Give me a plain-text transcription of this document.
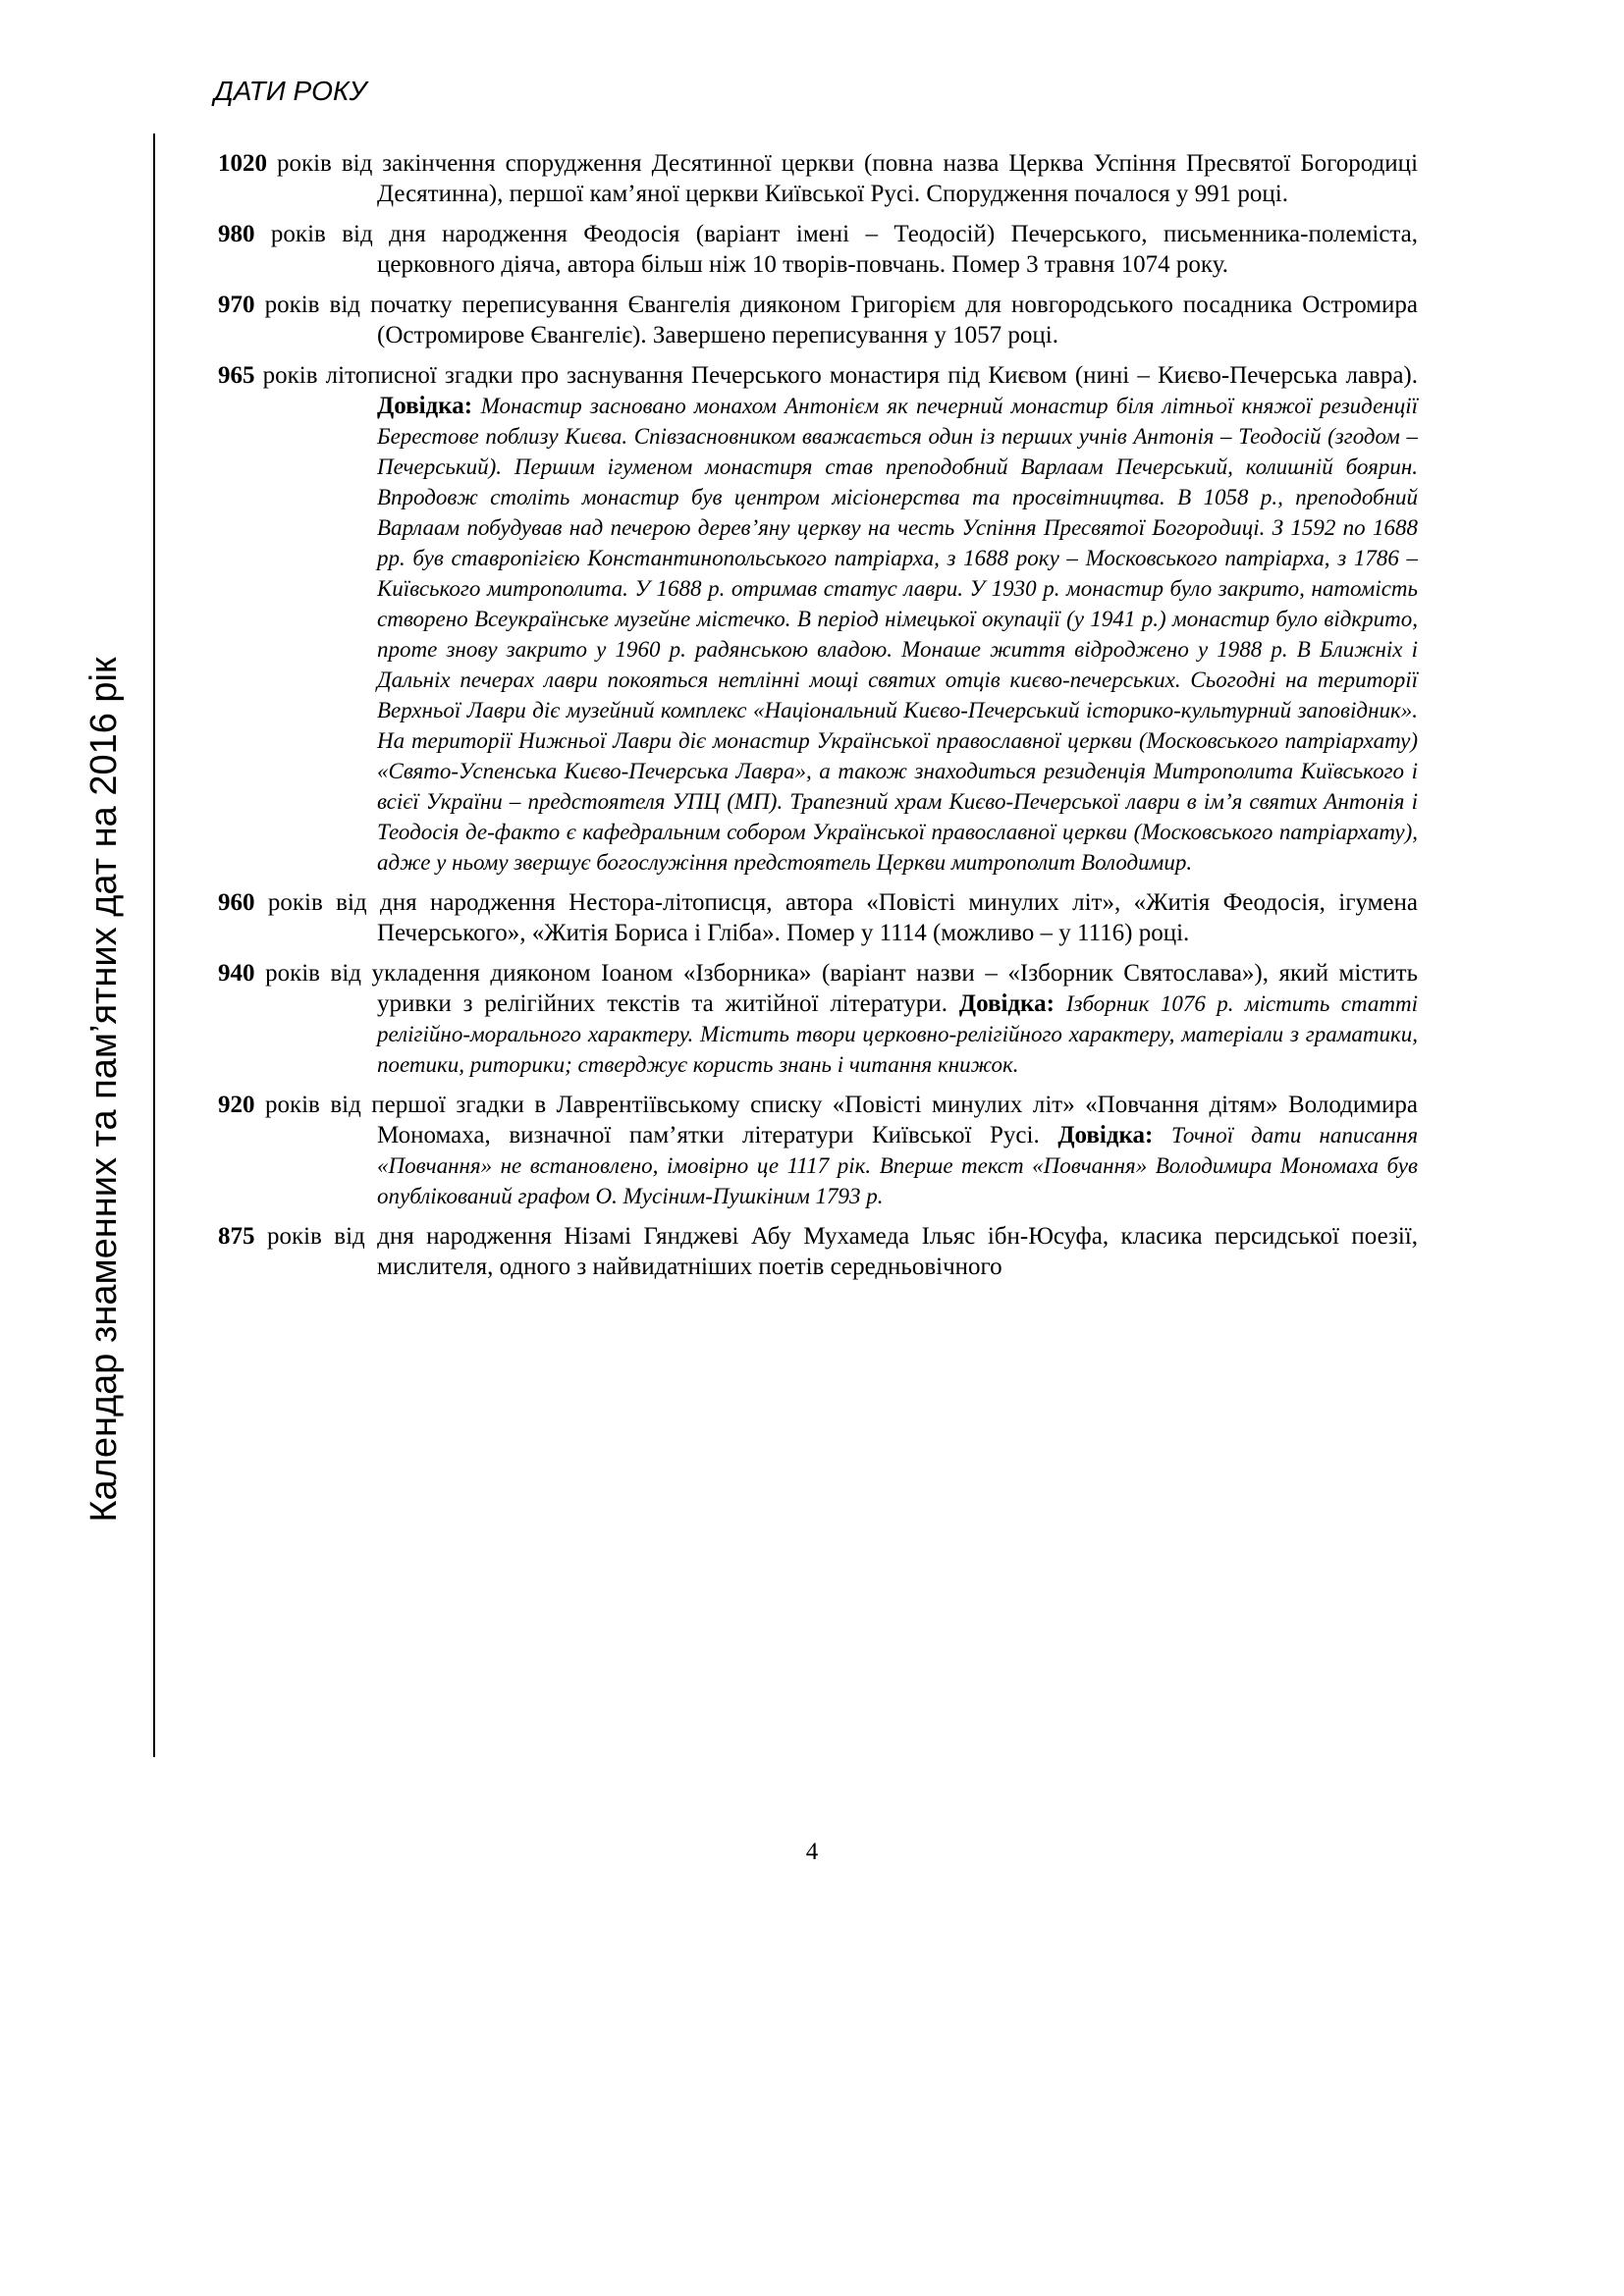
ДАТИ РОКУ
Календар знаменних та пам’ятних дат на 2016 рік

1020 років від закінчення спорудження Десятинної церкви (повна назва Церква Успіння Пресвятої Богородиці Десятинна), першої кам’яної церкви Київської Русі. Спорудження почалося у 991 році.

980 років від дня народження Феодосія (варіант імені – Теодосій) Печерського, письменника-полеміста, церковного діяча, автора більш ніж 10 творів-повчань. Помер 3 травня 1074 року.

970 років від початку переписування Євангелія дияконом Григорієм для новгородського посадника Остромира (Остромирове Євангеліє). Завершено переписування у 1057 році.

965 років літописної згадки про заснування Печерського монастиря під Києвом (нині – Києво-Печерська лавра). Довідка: Монастир засновано монахом Антонієм як печерний монастир біля літньої княжої резиденції Берестове поблизу Києва. Співзасновником вважається один із перших учнів Антонія – Теодосій (згодом – Печерський). Першим ігуменом монастиря став преподобний Варлаам Печерський, колишній боярин. Впродовж століть монастир був центром місіонерства та просвітництва. В 1058 р., преподобний Варлаам побудував над печерою дерев’яну церкву на честь Успіння Пресвятої Богородиці. З 1592 по 1688 рр. був ставропігією Константинопольського патріарха, з 1688 року – Московського патріарха, з 1786 – Київського митрополита. У 1688 р. отримав статус лаври. У 1930 р. монастир було закрито, натомість створено Всеукраїнське музейне містечко. В період німецької окупації (у 1941 р.) монастир було відкрито, проте знову закрито у 1960 р. радянською владою. Монаше життя відроджено у 1988 р. В Ближніх і Дальніх печерах лаври покояться нетлінні мощі святих отців києво-печерських. Сьогодні на території Верхньої Лаври діє музейний комплекс «Національний Києво-Печерський історико-культурний заповідник». На території Нижньої Лаври діє монастир Української православної церкви (Московського патріархату) «Свято-Успенська Києво-Печерська Лавра», а також знаходиться резиденція Митрополита Київського і всієї України – предстоятеля УПЦ (МП). Трапезний храм Києво-Печерської лаври в ім’я святих Антонія і Теодосія де-факто є кафедральним собором Української православної церкви (Московського патріархату), адже у ньому звершує богослужіння предстоятель Церкви митрополит Володимир.

960 років від дня народження Нестора-літописця, автора «Повісті минулих літ», «Житія Феодосія, ігумена Печерського», «Житія Бориса і Гліба». Помер у 1114 (можливо – у 1116) році.

940 років від укладення дияконом Іоаном «Ізборника» (варіант назви – «Ізборник Святослава»), який містить уривки з релігійних текстів та житійної літератури. Довідка: Ізборник 1076 р. містить статті релігійно-морального характеру. Містить твори церковно-релігійного характеру, матеріали з граматики, поетики, риторики; стверджує користь знань і читання книжок.

920 років від першої згадки в Лаврентіївському списку «Повісті минулих літ» «Повчання дітям» Володимира Мономаха, визначної пам’ятки літератури Київської Русі. Довідка: Точної дати написання «Повчання» не встановлено, імовірно це 1117 рік. Вперше текст «Повчання» Володимира Мономаха був опублікований графом О. Мусіним-Пушкіним 1793 р.

875 років від дня народження Нізамі Гянджеві Абу Мухамеда Ільяс ібн-Юсуфа, класика перcидської поезії, мислителя, одного з найвидатніших поетів середньовічного

4
